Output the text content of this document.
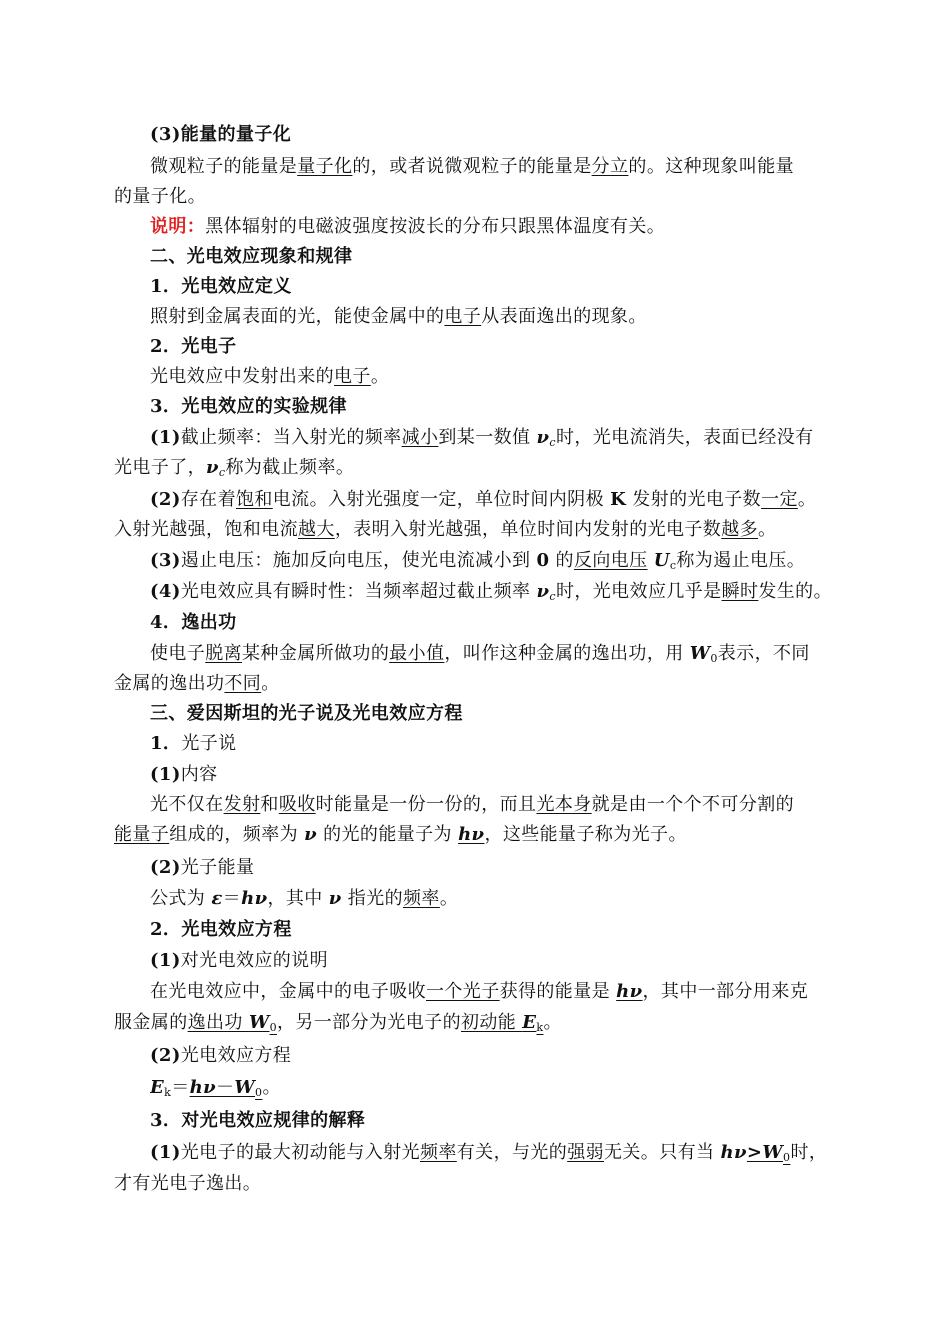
(3)能量的量子化
微观粒子的能量是量子化的，或者说微观粒子的能量是分立的。这种现象叫能量
的量子化。
说明：黑体辐射的电磁波强度按波长的分布只跟黑体温度有关。
二、光电效应现象和规律
1．光电效应定义
照射到金属表面的光，能使金属中的电子从表面逸出的现象。
2．光电子
光电效应中发射出来的电子。
3．光电效应的实验规律
(1)截止频率：当入射光的频率减小到某一数值 $\nu_c$时，光电流消失，表面已经没有
光电子了，$\nu_c$称为截止频率。
(2)存在着饱和电流。入射光强度一定，单位时间内阴极 K 发射的光电子数一定。
入射光越强，饱和电流越大，表明入射光越强，单位时间内发射的光电子数越多。
(3)遏止电压：施加反向电压，使光电流减小到 0 的反向电压 $U_c$称为遏止电压。
(4)光电效应具有瞬时性：当频率超过截止频率 $\nu_c$时，光电效应几乎是瞬时发生的。
4．逸出功
使电子脱离某种金属所做功的最小值，叫作这种金属的逸出功，用 $W_0$表示，不同
金属的逸出功不同。
三、爱因斯坦的光子说及光电效应方程
1．光子说
(1)内容
光不仅在发射和吸收时能量是一份一份的，而且光本身就是由一个个不可分割的
能量子组成的，频率为 ν 的光的能量子为 hν，这些能量子称为光子。
(2)光子能量
公式为 ε＝hν，其中 ν 指光的频率。
2．光电效应方程
(1)对光电效应的说明
在光电效应中，金属中的电子吸收一个光子获得的能量是 hν，其中一部分用来克
服金属的逸出功 $W_0$，另一部分为光电子的初动能 $E_k$。
(2)光电效应方程
$E_k=h\nu-W_0$。
3．对光电效应规律的解释
(1)光电子的最大初动能与入射光频率有关，与光的强弱无关。只有当 $h\nu>W_0$时，
才有光电子逸出。
